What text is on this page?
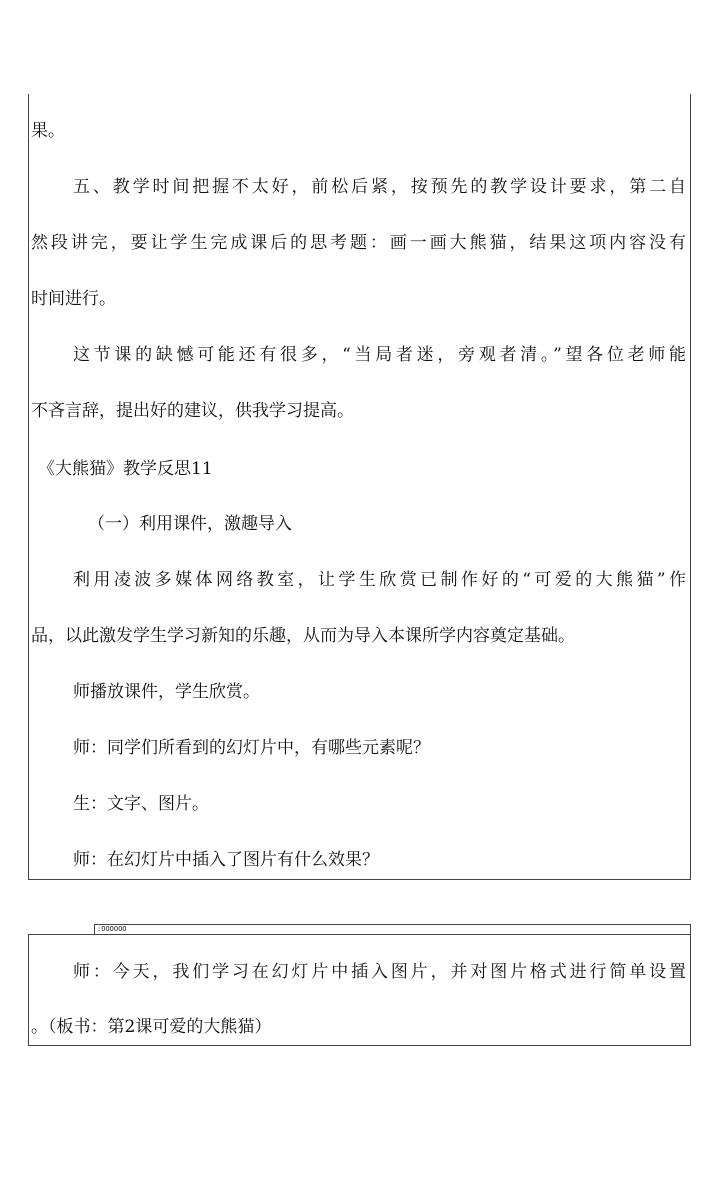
:OOOOOO
果。
五、教学时间把握不太好，前松后紧，按预先的教学设计要求，第二自
然段讲完，要让学生完成课后的思考题：画一画大熊猫，结果这项内容没有
时间进行。
这节课的缺憾可能还有很多，“当局者迷，旁观者清。”望各位老师能
不吝言辞，提出好的建议，供我学习提高。
《大熊猫》教学反思11
（一）利用课件，激趣导入
利用凌波多媒体网络教室，让学生欣赏已制作好的“可爱的大熊猫”作
品，以此激发学生学习新知的乐趣，从而为导入本课所学内容奠定基础。
师播放课件，学生欣赏。
师：同学们所看到的幻灯片中，有哪些元素呢？
生：文字、图片。
师：在幻灯片中插入了图片有什么效果？
师：今天，我们学习在幻灯片中插入图片，并对图片格式进行简单设置
。（板书：第2课可爱的大熊猫）
